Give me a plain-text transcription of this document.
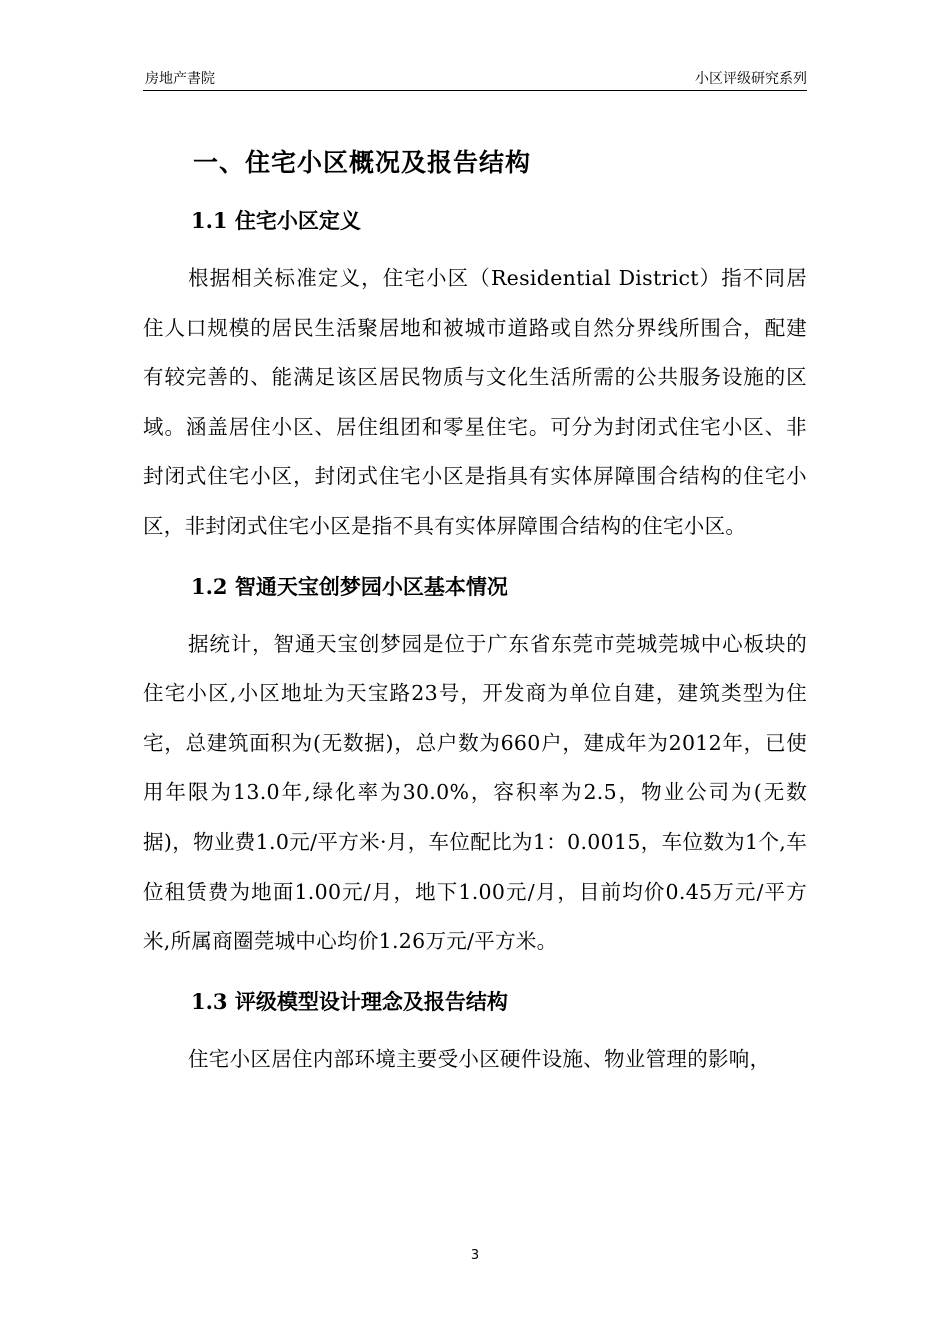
房地产書院	小区评级研究系列
一、住宅小区概况及报告结构
1.1 住宅小区定义

根据相关标准定义，住宅小区（Residential District）指不同居住人口规模的居民生活聚居地和被城市道路或自然分界线所围合，配建有较完善的、能满足该区居民物质与文化生活所需的公共服务设施的区域。涵盖居住小区、居住组团和零星住宅。可分为封闭式住宅小区、非封闭式住宅小区，封闭式住宅小区是指具有实体屏障围合结构的住宅小区，非封闭式住宅小区是指不具有实体屏障围合结构的住宅小区。

1.2 智通天宝创梦园小区基本情况

据统计，智通天宝创梦园是位于广东省东莞市莞城莞城中心板块的住宅小区,小区地址为天宝路23号，开发商为单位自建，建筑类型为住宅，总建筑面积为(无数据)，总户数为660户，建成年为2012年，已使用年限为13.0年,绿化率为30.0%，容积率为2.5，物业公司为(无数据)，物业费1.0元/平方米·月，车位配比为1：0.0015，车位数为1个,车位租赁费为地面1.00元/月，地下1.00元/月，目前均价0.45万元/平方米,所属商圈莞城中心均价1.26万元/平方米。

1.3 评级模型设计理念及报告结构

住宅小区居住内部环境主要受小区硬件设施、物业管理的影响，

3
